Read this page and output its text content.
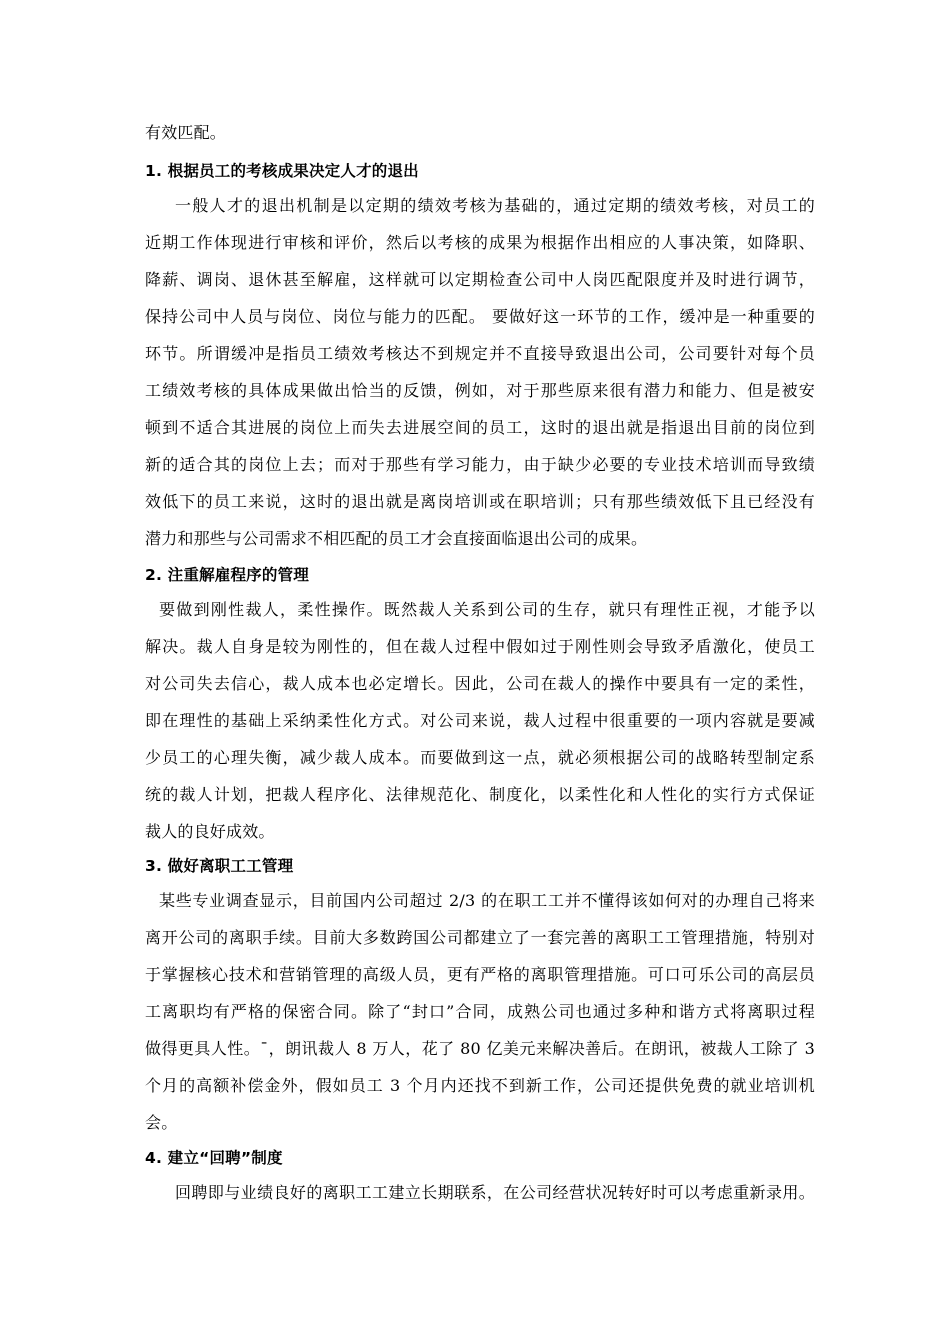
有效匹配。
1. 根据员工的考核成果决定人才的退出
一般人才的退出机制是以定期的绩效考核为基础的，通过定期的绩效考核，对员工的
近期工作体现进行审核和评价，然后以考核的成果为根据作出相应的人事决策，如降职、
降薪、调岗、退休甚至解雇，这样就可以定期检查公司中人岗匹配限度并及时进行调节，
保持公司中人员与岗位、岗位与能力的匹配。 要做好这一环节的工作，缓冲是一种重要的
环节。所谓缓冲是指员工绩效考核达不到规定并不直接导致退出公司，公司要针对每个员
工绩效考核的具体成果做出恰当的反馈，例如，对于那些原来很有潜力和能力、但是被安
顿到不适合其进展的岗位上而失去进展空间的员工，这时的退出就是指退出目前的岗位到
新的适合其的岗位上去；而对于那些有学习能力，由于缺少必要的专业技术培训而导致绩
效低下的员工来说，这时的退出就是离岗培训或在职培训；只有那些绩效低下且已经没有
潜力和那些与公司需求不相匹配的员工才会直接面临退出公司的成果。
2. 注重解雇程序的管理
要做到刚性裁人，柔性操作。既然裁人关系到公司的生存，就只有理性正视，才能予以
解决。裁人自身是较为刚性的，但在裁人过程中假如过于刚性则会导致矛盾激化，使员工
对公司失去信心，裁人成本也必定增长。因此，公司在裁人的操作中要具有一定的柔性，
即在理性的基础上采纳柔性化方式。对公司来说，裁人过程中很重要的一项内容就是要减
少员工的心理失衡，减少裁人成本。而要做到这一点，就必须根据公司的战略转型制定系
统的裁人计划，把裁人程序化、法律规范化、制度化，以柔性化和人性化的实行方式保证
裁人的良好成效。
3. 做好离职工工管理
某些专业调查显示，目前国内公司超过 2/3 的在职工工并不懂得该如何对的办理自己将来
离开公司的离职手续。目前大多数跨国公司都建立了一套完善的离职工工管理措施，特别对
于掌握核心技术和营销管理的高级人员，更有严格的离职管理措施。可口可乐公司的高层员
工离职均有严格的保密合同。除了“封口”合同，成熟公司也通过多种和谐方式将离职过程
做得更具人性。¯，朗讯裁人 8 万人，花了 80 亿美元来解决善后。在朗讯，被裁人工除了 3
个月的高额补偿金外，假如员工 3 个月内还找不到新工作，公司还提供免费的就业培训机
会。
4. 建立“回聘”制度
回聘即与业绩良好的离职工工建立长期联系，在公司经营状况转好时可以考虑重新录用。
